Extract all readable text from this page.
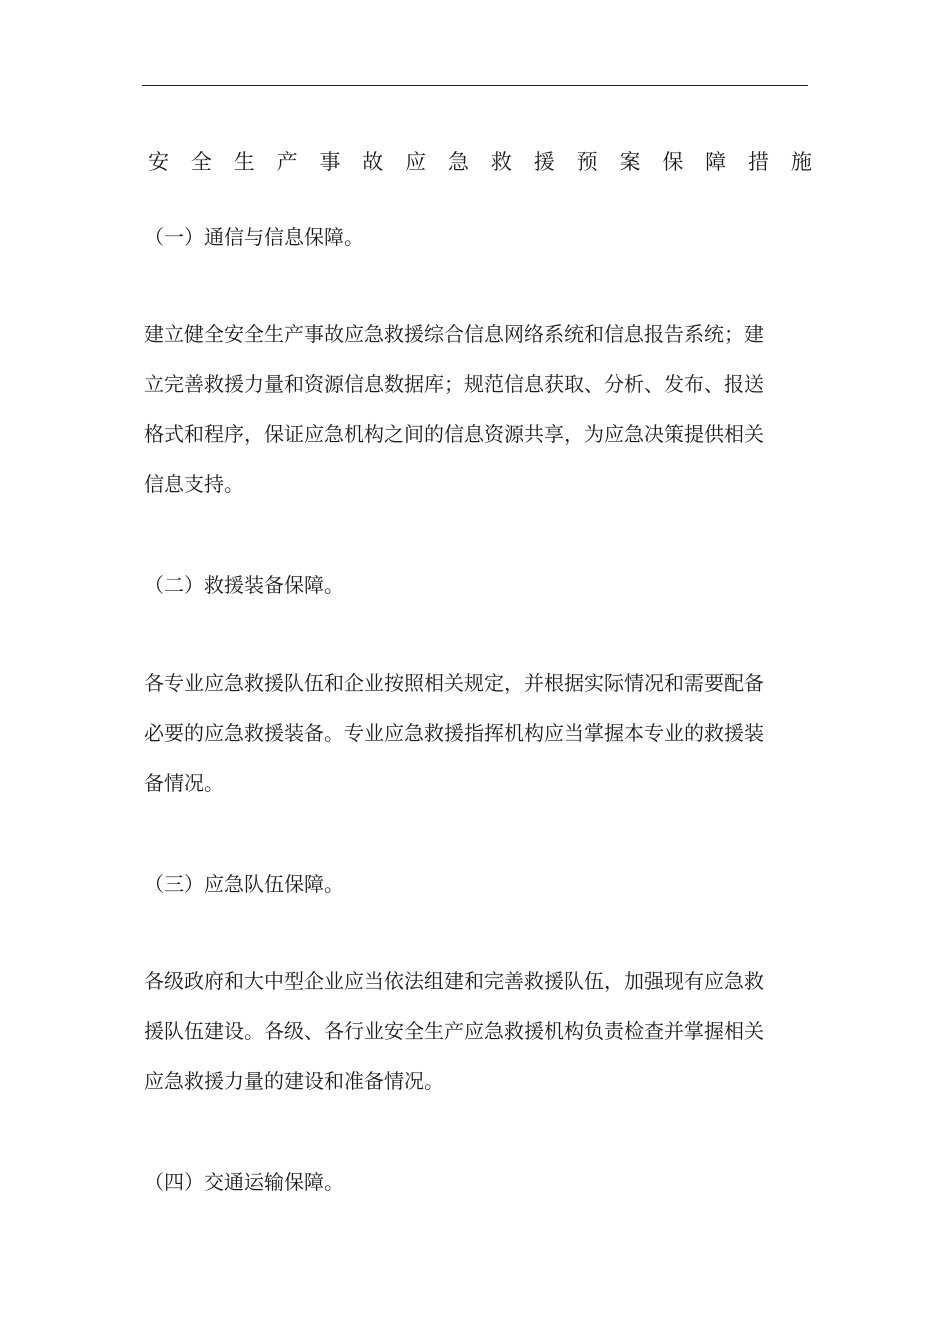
安 全 生 产 事 故 应 急 救 援 预 案 保 障 措 施
（一）通信与信息保障。
建立健全安全生产事故应急救援综合信息网络系统和信息报告系统；建
立完善救援力量和资源信息数据库；规范信息获取、分析、发布、报送
格式和程序，保证应急机构之间的信息资源共享，为应急决策提供相关
信息支持。
（二）救援装备保障。
各专业应急救援队伍和企业按照相关规定，并根据实际情况和需要配备
必要的应急救援装备。专业应急救援指挥机构应当掌握本专业的救援装
备情况。
（三）应急队伍保障。
各级政府和大中型企业应当依法组建和完善救援队伍，加强现有应急救
援队伍建设。各级、各行业安全生产应急救援机构负责检查并掌握相关
应急救援力量的建设和准备情况。
（四）交通运输保障。
